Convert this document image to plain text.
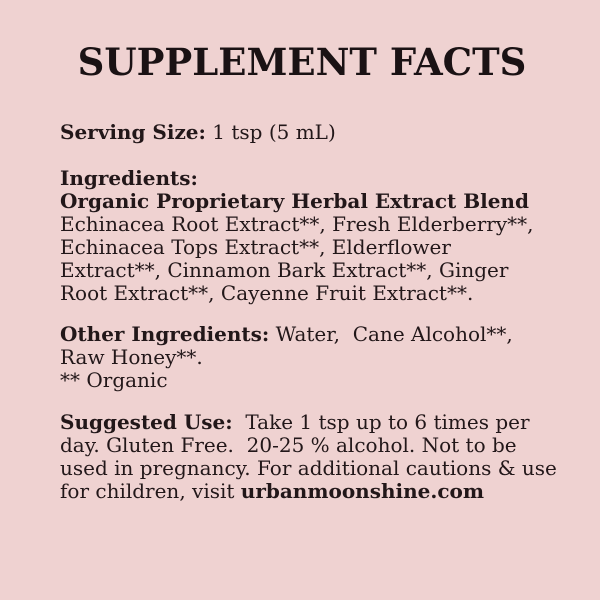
SUPPLEMENT FACTS

Serving Size: 1 tsp (5 mL)

Ingredients:

Organic Proprietary Herbal Extract Blend

Echinacea Root Extract**, Fresh Elderberry**, Echinacea Tops Extract**, Elderflower Extract**, Cinnamon Bark Extract**, Ginger Root Extract**, Cayenne Fruit Extract**.

Other Ingredients: Water,  Cane Alcohol**, Raw Honey**.

** Organic

Suggested Use:  Take 1 tsp up to 6 times per day. Gluten Free.  20-25 % alcohol. Not to be used in pregnancy. For additional cautions & use for children, visit urbanmoonshine.com
